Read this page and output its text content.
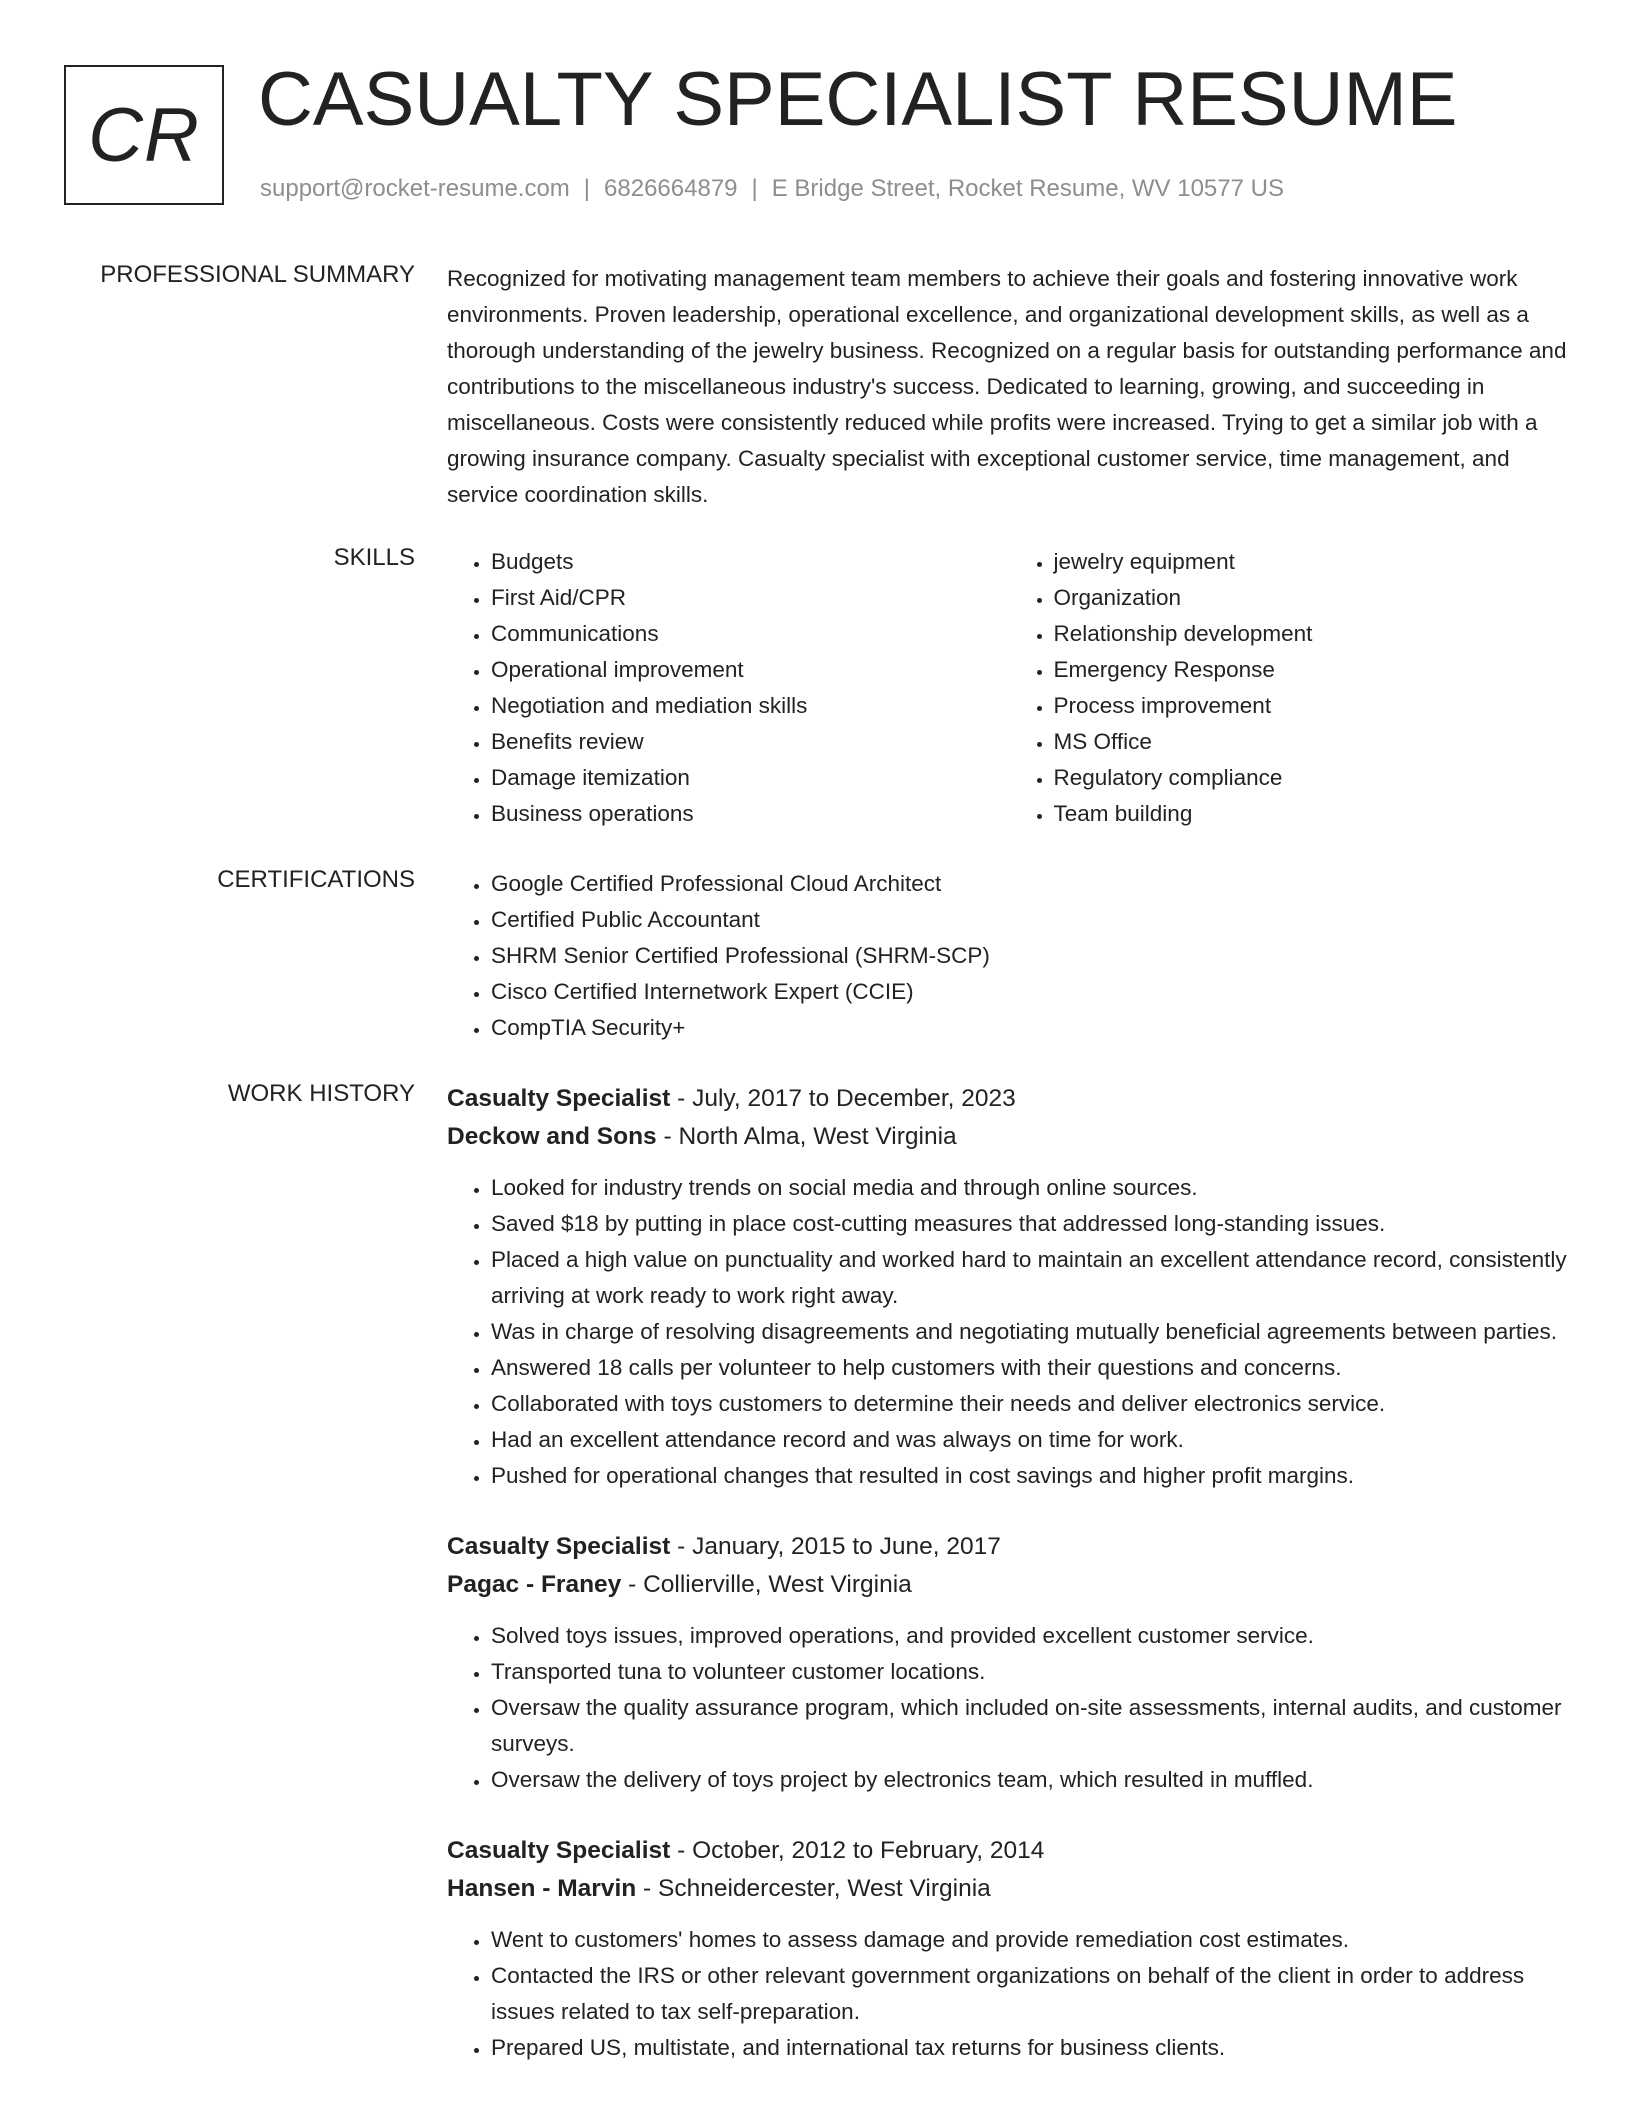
CR CASUALTY SPECIALIST RESUME
support@rocket-resume.com | 6826664879 | E Bridge Street, Rocket Resume, WV 10577 US
PROFESSIONAL SUMMARY Recognized for motivating management team members to achieve their goals and fostering innovative work environments. Proven leadership, operational excellence, and organizational development skills, as well as a thorough understanding of the jewelry business. Recognized on a regular basis for outstanding performance and contributions to the miscellaneous industry's success. Dedicated to learning, growing, and succeeding in miscellaneous. Costs were consistently reduced while profits were increased. Trying to get a similar job with a growing insurance company. Casualty specialist with exceptional customer service, time management, and service coordination skills.

SKILLS	• Budgets
• First Aid/CPR
• Communications
• Operational improvement
• Negotiation and mediation skills
• Benefits review
• Damage itemization
• Business operations
• jewelry equipment
• Organization
• Relationship development
• Emergency Response
• Process improvement
• MS Office
• Regulatory compliance
• Team building
CERTIFICATIONS	• Google Certified Professional Cloud Architect
• Certified Public Accountant
• SHRM Senior Certified Professional (SHRM-SCP)
• Cisco Certified Internetwork Expert (CCIE)
• CompTIA Security+
WORK HISTORY Casualty Specialist - July, 2017 to December, 2023
Deckow and Sons - North Alma, West Virginia
• Looked for industry trends on social media and through online sources.
• Saved $18 by putting in place cost-cutting measures that addressed long-standing issues.
• Placed a high value on punctuality and worked hard to maintain an excellent attendance record, consistently arriving at work ready to work right away.
• Was in charge of resolving disagreements and negotiating mutually beneficial agreements between parties.
• Answered 18 calls per volunteer to help customers with their questions and concerns.
• Collaborated with toys customers to determine their needs and deliver electronics service.
• Had an excellent attendance record and was always on time for work.
• Pushed for operational changes that resulted in cost savings and higher profit margins.
Casualty Specialist - January, 2015 to June, 2017
Pagac - Franey - Collierville, West Virginia
• Solved toys issues, improved operations, and provided excellent customer service.
• Transported tuna to volunteer customer locations.
• Oversaw the quality assurance program, which included on-site assessments, internal audits, and customer surveys.
• Oversaw the delivery of toys project by electronics team, which resulted in muffled.
Casualty Specialist - October, 2012 to February, 2014
Hansen - Marvin - Schneidercester, West Virginia
• Went to customers' homes to assess damage and provide remediation cost estimates.
• Contacted the IRS or other relevant government organizations on behalf of the client in order to address issues related to tax self-preparation.
• Prepared US, multistate, and international tax returns for business clients.
